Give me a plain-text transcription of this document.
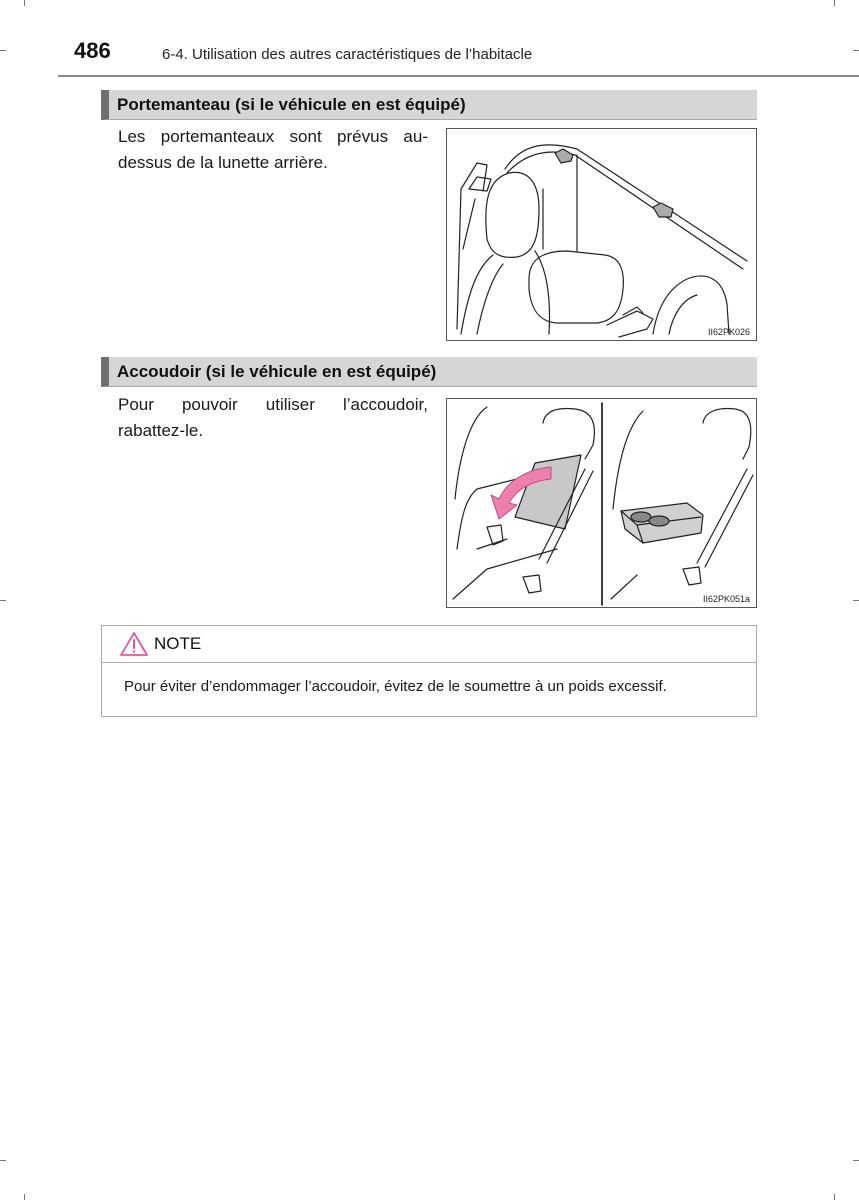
486	6-4. Utilisation des autres caractéristiques de l’habitacle
Portemanteau (si le véhicule en est équipé)
Les portemanteaux sont prévus au-dessus de la lunette arrière.
II62PK026
Accoudoir (si le véhicule en est équipé)
Pour pouvoir utiliser l’accoudoir, rabattez-le.
II62PK051a
NOTE
Pour éviter d’endommager l’accoudoir, évitez de le soumettre à un poids excessif.
